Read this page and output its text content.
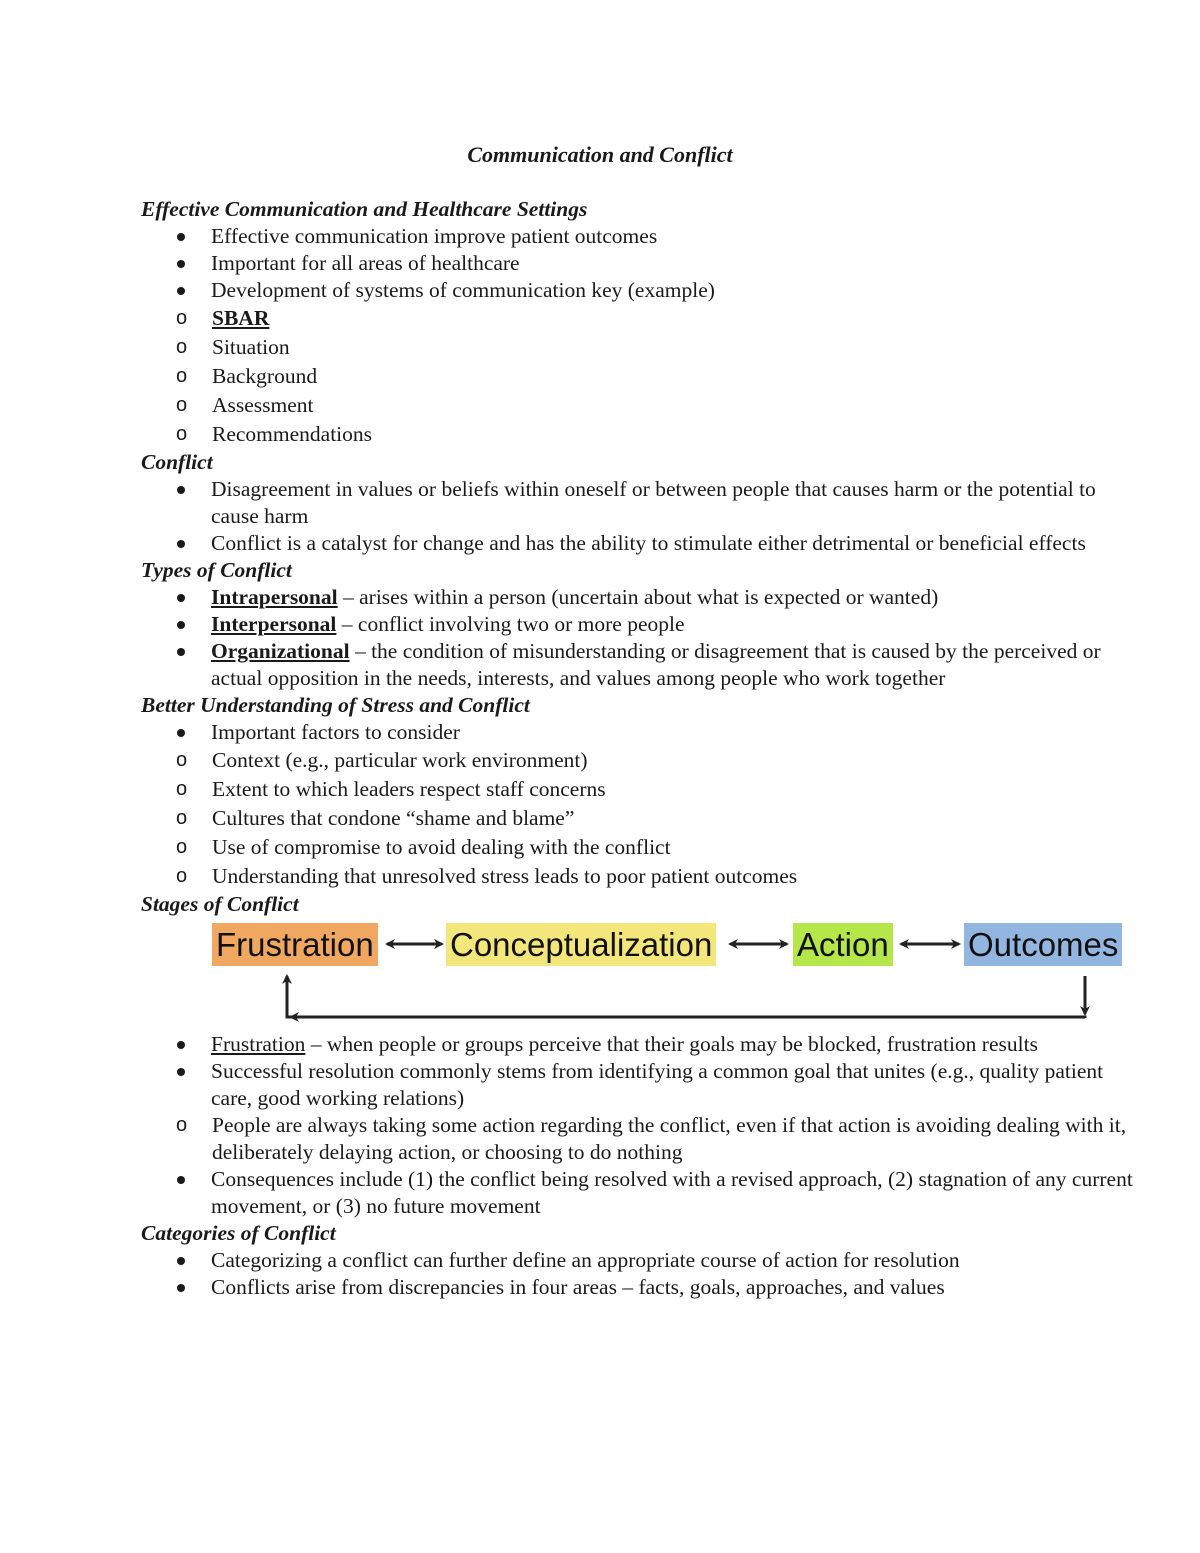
Communication and Conflict
Effective Communication and Healthcare Settings
Effective communication improve patient outcomes
Important for all areas of healthcare
Development of systems of communication key (example)
o SBAR
o Situation
o Background
o Assessment
o Recommendations
Conflict
Disagreement in values or beliefs within oneself or between people that causes harm or the potential to cause harm
Conflict is a catalyst for change and has the ability to stimulate either detrimental or beneficial effects
Types of Conflict
Intrapersonal – arises within a person (uncertain about what is expected or wanted)
Interpersonal – conflict involving two or more people
Organizational – the condition of misunderstanding or disagreement that is caused by the perceived or actual opposition in the needs, interests, and values among people who work together
Better Understanding of Stress and Conflict
Important factors to consider
o Context (e.g., particular work environment)
o Extent to which leaders respect staff concerns
o Cultures that condone “shame and blame”
o Use of compromise to avoid dealing with the conflict
o Understanding that unresolved stress leads to poor patient outcomes
Stages of Conflict
Frustration Conceptualization	Action Outcomes
Frustration – when people or groups perceive that their goals may be blocked, frustration results
Successful resolution commonly stems from identifying a common goal that unites (e.g., quality patient care, good working relations)
o People are always taking some action regarding the conflict, even if that action is avoiding dealing with it, deliberately delaying action, or choosing to do nothing
Consequences include (1) the conflict being resolved with a revised approach, (2) stagnation of any current movement, or (3) no future movement
Categories of Conflict
Categorizing a conflict can further define an appropriate course of action for resolution
Conflicts arise from discrepancies in four areas – facts, goals, approaches, and values
